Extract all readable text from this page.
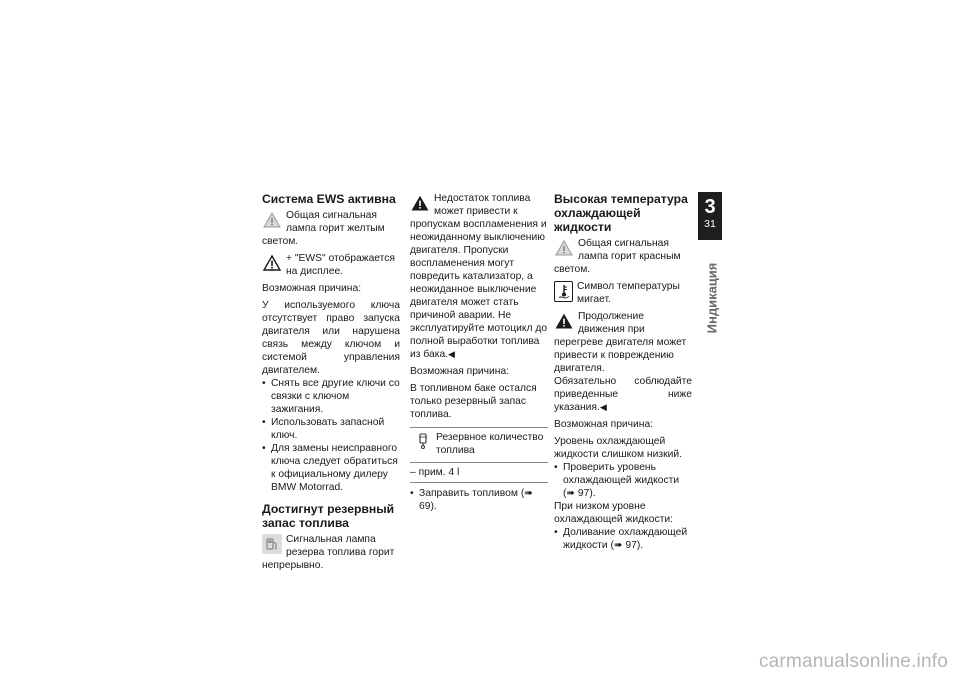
Система EWS активна
Общая сигнальная лампа горит желтым светом.
+ "EWS" отображается на дисплее.
Возможная причина:
У используемого ключа отсутствует право запуска двигателя или нарушена связь между ключом и системой управления двигателем.
• Снять все другие ключи со связки с ключом зажигания.
• Использовать запасной ключ.
• Для замены неисправного ключа следует обратиться к официальному дилеру BMW Motorrad.
Достигнут резервный запас топлива
Сигнальная лампа резерва топлива горит непрерывно.
Недостаток топлива может привести к пропускам воспламенения и неожиданному выключению двигателя. Пропуски воспламенения могут повредить катализатор, а неожиданное выключение двигателя может стать причиной аварии. Не эксплуатируйте мотоцикл до полной выработки топлива из бака.◀
Возможная причина:
В топливном баке остался только резервный запас топлива.
Резервное количество топлива
– прим. 4 l
• Заправить топливом (➠ 69).
Высокая температура охлаждающей жидкости
Общая сигнальная лампа горит красным светом.
Символ температуры мигает.
Продолжение движения при перегреве двигателя может привести к повреждению двигателя.
Обязательно соблюдайте приведенные ниже указания.◀
Возможная причина:
Уровень охлаждающей жидкости слишком низкий.
• Проверить уровень охлаждающей жидкости (➠ 97).
При низком уровне охлаждающей жидкости:
• Доливание охлаждающей жидкости (➠ 97).
3
31
Индикация
carmanualsonline.info
